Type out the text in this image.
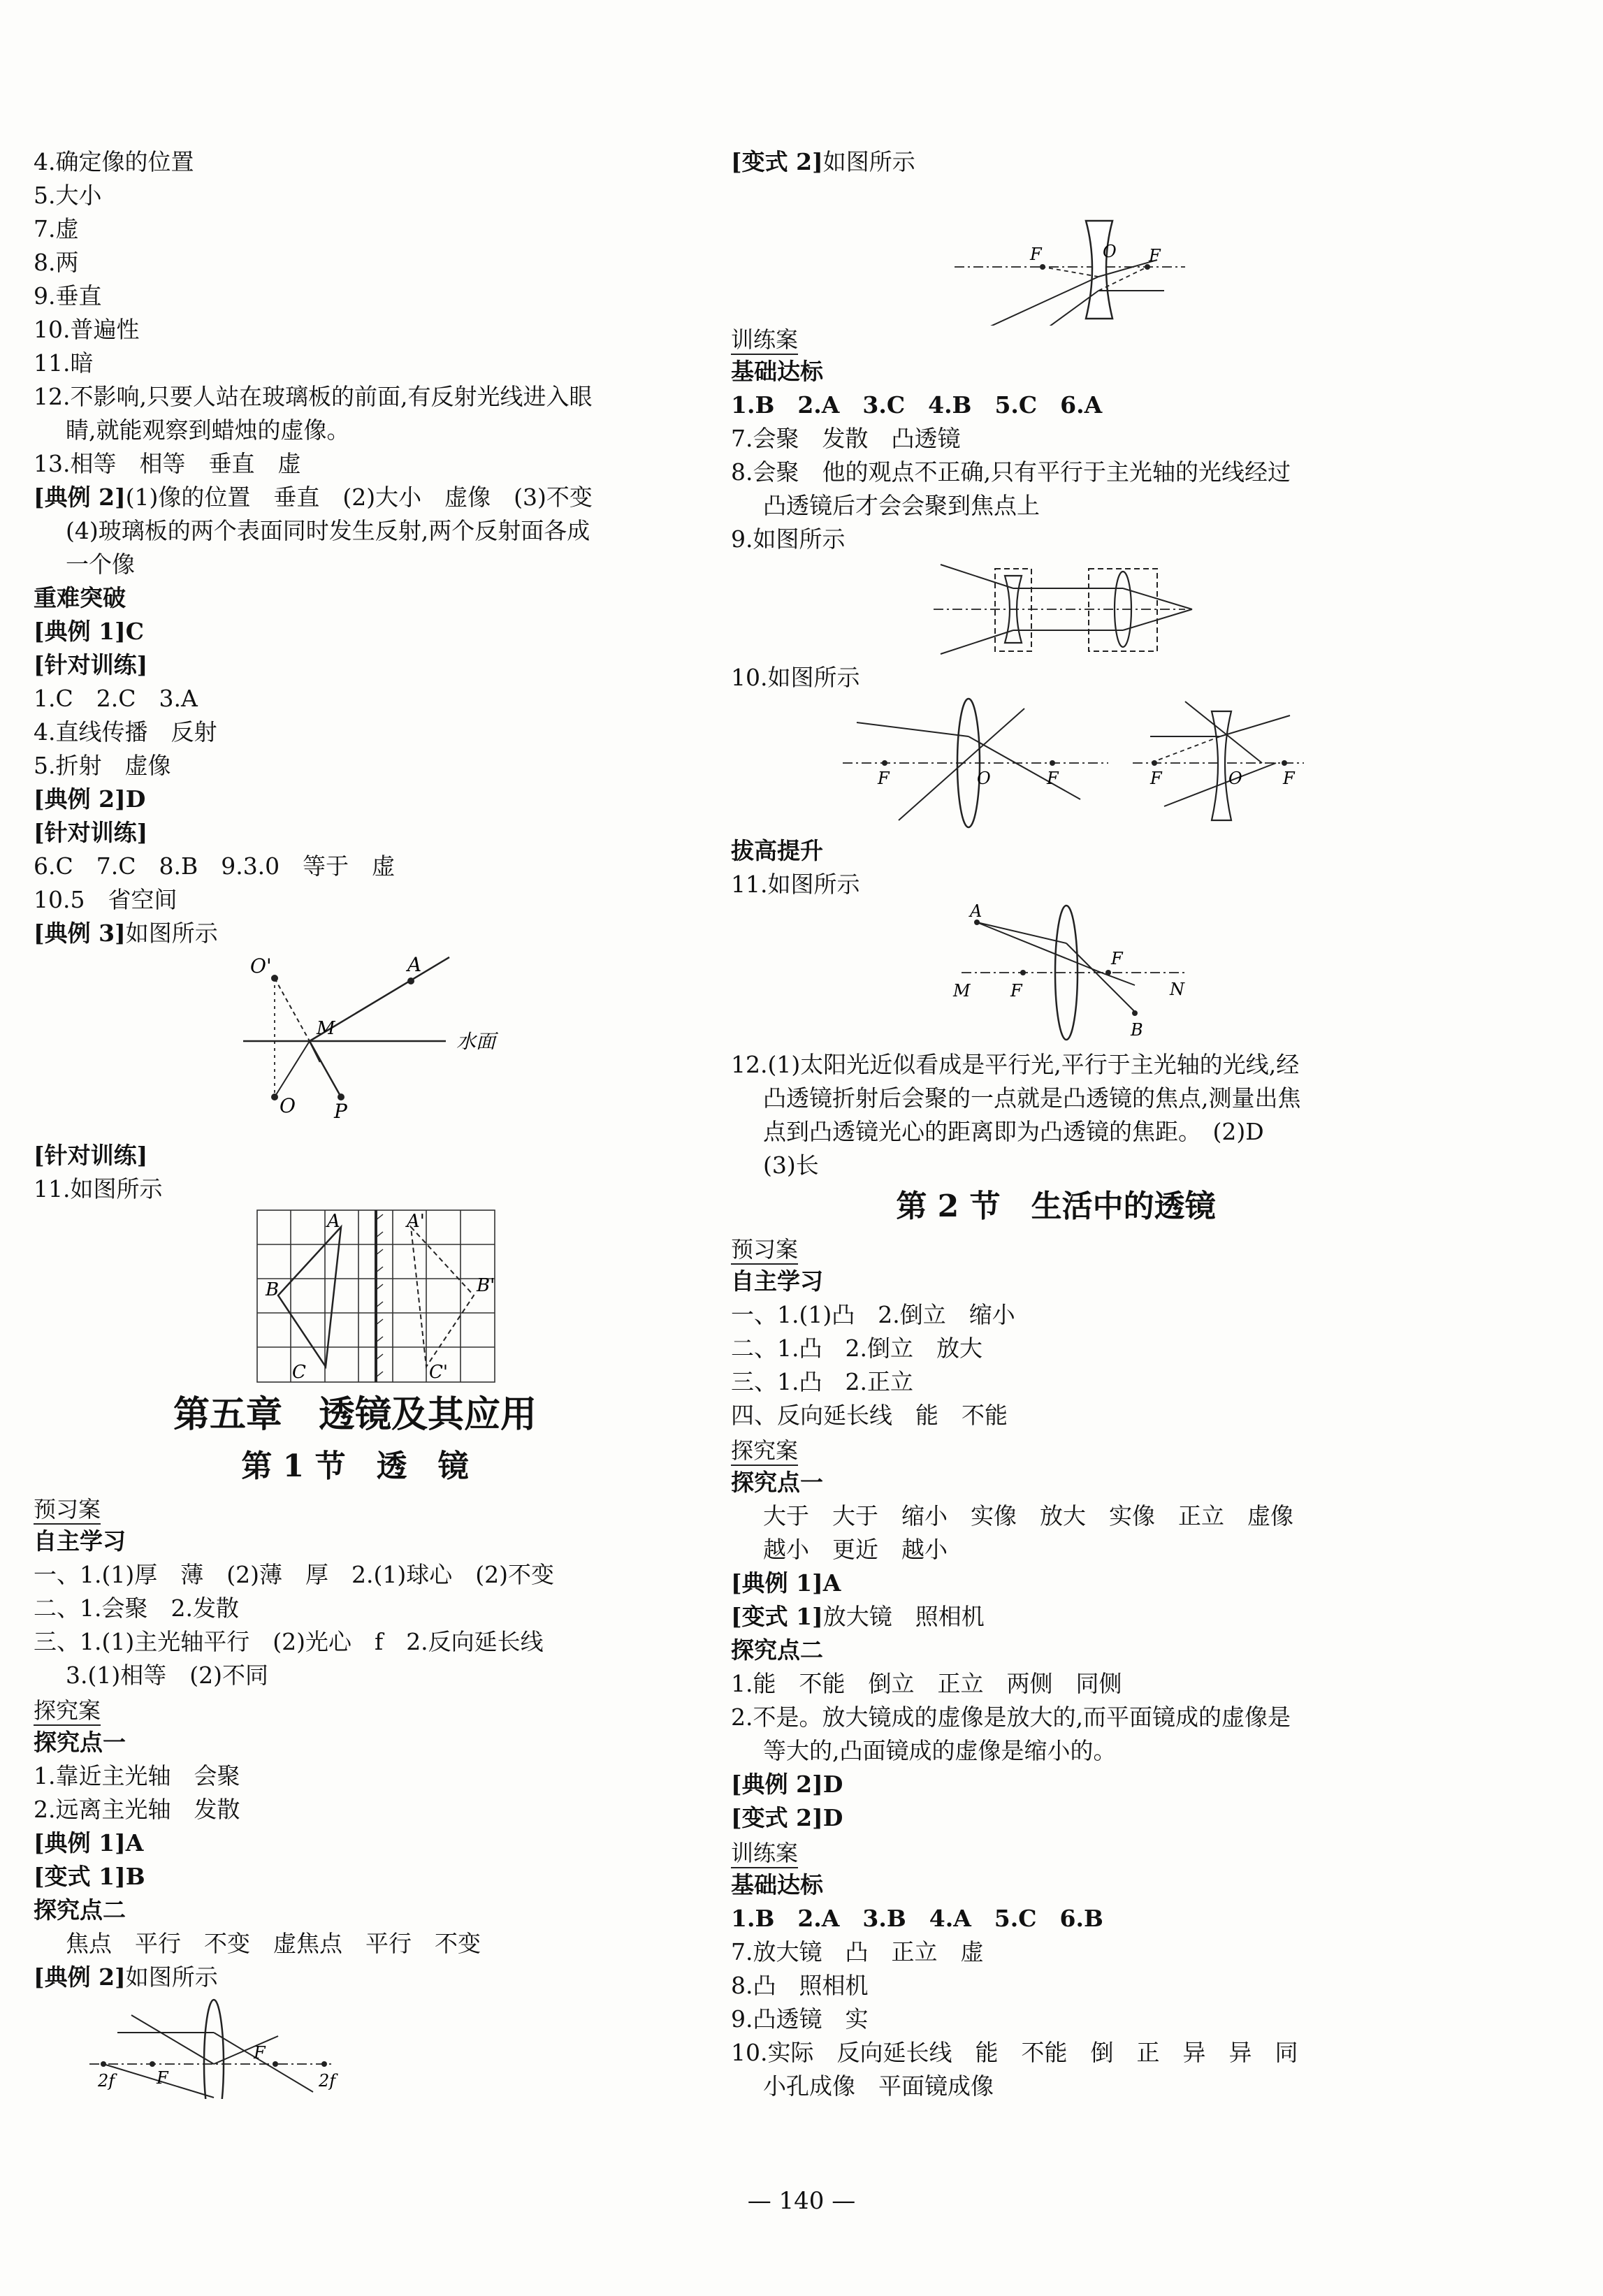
4.确定像的位置
5.大小
7.虚
8.两
9.垂直
10.普遍性
11.暗
12.不影响,只要人站在玻璃板的前面,有反射光线进入眼
睛,就能观察到蜡烛的虚像。
13.相等　相等　垂直　虚
[典例 2](1)像的位置　垂直　(2)大小　虚像　(3)不变
(4)玻璃板的两个表面同时发生反射,两个反射面各成
一个像
重难突破
[典例 1]C
[针对训练]
1.C　2.C　3.A
4.直线传播　反射
5.折射　虚像
[典例 2]D
[针对训练]
6.C　7.C　8.B　9.3.0　等于　虚
10.5　省空间
[典例 3]如图所示
O'	A
M
O P
水面
[针对训练]
11.如图所示
A
B
C
A'
B'
C'
第五章　透镜及其应用
第 1 节　透　镜
预习案
自主学习
一、1.(1)厚　薄　(2)薄　厚　2.(1)球心　(2)不变
二、1.会聚　2.发散
三、1.(1)主光轴平行　(2)光心　f　2.反向延长线
3.(1)相等　(2)不同
探究案
探究点一
1.靠近主光轴　会聚
2.远离主光轴　发散
[典例 1]A
[变式 1]B
探究点二
焦点　平行　不变　虚焦点　平行　不变
[典例 2]如图所示
2f F
F
2f
[变式 2]如图所示
F	O F
训练案
基础达标
1.B　2.A　3.C　4.B　5.C　6.A
7.会聚　发散　凸透镜
8.会聚　他的观点不正确,只有平行于主光轴的光线经过
凸透镜后才会会聚到焦点上
9.如图所示
10.如图所示
F	O	F	F	O F
拔高提升
11.如图所示
A
F
M F	N
B
12.(1)太阳光近似看成是平行光,平行于主光轴的光线,经
凸透镜折射后会聚的一点就是凸透镜的焦点,测量出焦
点到凸透镜光心的距离即为凸透镜的焦距。　(2)D
(3)长
第 2 节　生活中的透镜
预习案
自主学习
一、1.(1)凸　2.倒立　缩小
二、1.凸　2.倒立　放大
三、1.凸　2.正立
四、反向延长线　能　不能
探究案
探究点一
大于　大于　缩小　实像　放大　实像　正立　虚像
越小　更近　越小
[典例 1]A
[变式 1]放大镜　照相机
探究点二
1.能　不能　倒立　正立　两侧　同侧
2.不是。放大镜成的虚像是放大的,而平面镜成的虚像是
等大的,凸面镜成的虚像是缩小的。
[典例 2]D
[变式 2]D
训练案
基础达标
1.B　2.A　3.B　4.A　5.C　6.B
7.放大镜　凸　正立　虚
8.凸　照相机
9.凸透镜　实
10.实际　反向延长线　能　不能　倒　正　异　异　同
小孔成像　平面镜成像
— 140 —
